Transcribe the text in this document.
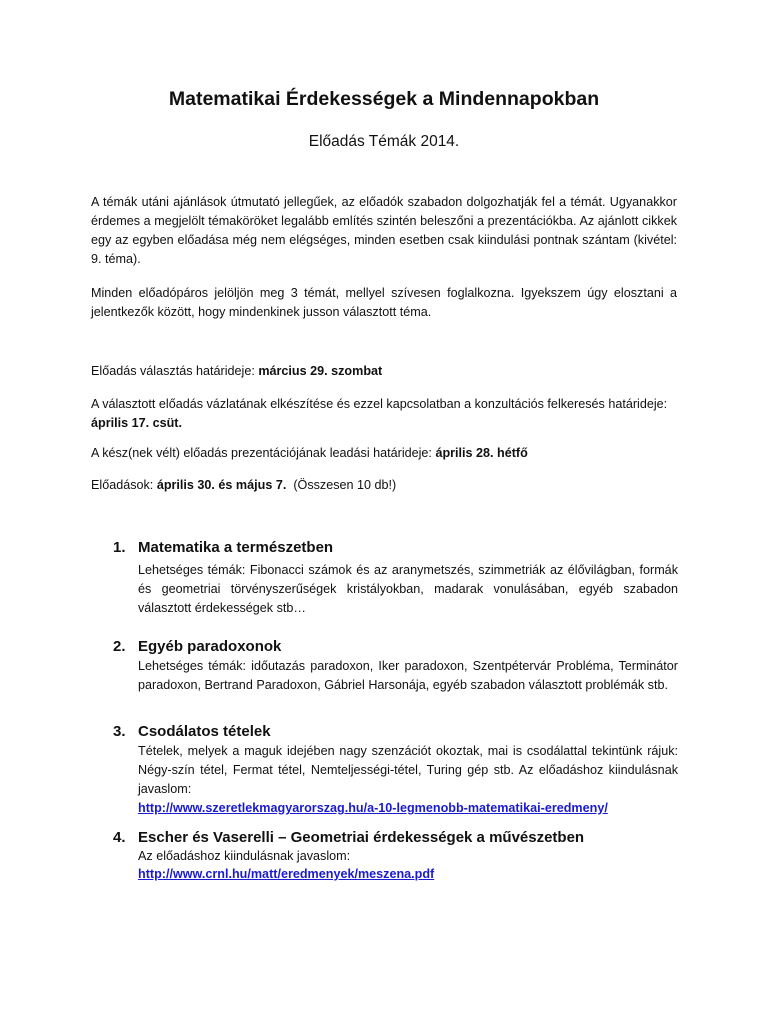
Matematikai Érdekességek a Mindennapokban
Előadás Témák 2014.
A témák utáni ajánlások útmutató jellegűek, az előadók szabadon dolgozhatják fel a témát. Ugyanakkor érdemes a megjelölt témaköröket legalább említés szintén beleszőni a prezentációkba. Az ajánlott cikkek egy az egyben előadása még nem elégséges, minden esetben csak kiindulási pontnak szántam (kivétel: 9. téma).
Minden előadópáros jelöljön meg 3 témát, mellyel szívesen foglalkozna. Igyekszem úgy elosztani a jelentkezők között, hogy mindenkinek jusson választott téma.
Előadás választás határideje: március 29. szombat
A választott előadás vázlatának elkészítése és ezzel kapcsolatban a konzultációs felkeresés határideje: április 17. csüt.
A kész(nek vélt) előadás prezentációjának leadási határideje: április 28. hétfő
Előadások: április 30. és május 7.  (Összesen 10 db!)
1. Matematika a természetben
Lehetséges témák: Fibonacci számok és az aranymetszés, szimmetriák az élővilágban, formák és geometriai törvényszerűségek kristályokban, madarak vonulásában, egyéb szabadon választott érdekességek stb…
2. Egyéb paradoxonok
Lehetséges témák: időutazás paradoxon, Iker paradoxon, Szentpétervár Probléma, Terminátor paradoxon, Bertrand Paradoxon, Gábriel Harsonája, egyéb szabadon választott problémák stb.
3. Csodálatos tételek
Tételek, melyek a maguk idejében nagy szenzációt okoztak, mai is csodálattal tekintünk rájuk: Négy-szín tétel, Fermat tétel, Nemteljességi-tétel, Turing gép stb. Az előadáshoz kiindulásnak javaslom:
http://www.szeretlekmagyarorszag.hu/a-10-legmenobb-matematikai-eredmeny/
4. Escher és Vaserelli – Geometriai érdekességek a művészetben
Az előadáshoz kiindulásnak javaslom:
http://www.crnl.hu/matt/eredmenyek/meszena.pdf
